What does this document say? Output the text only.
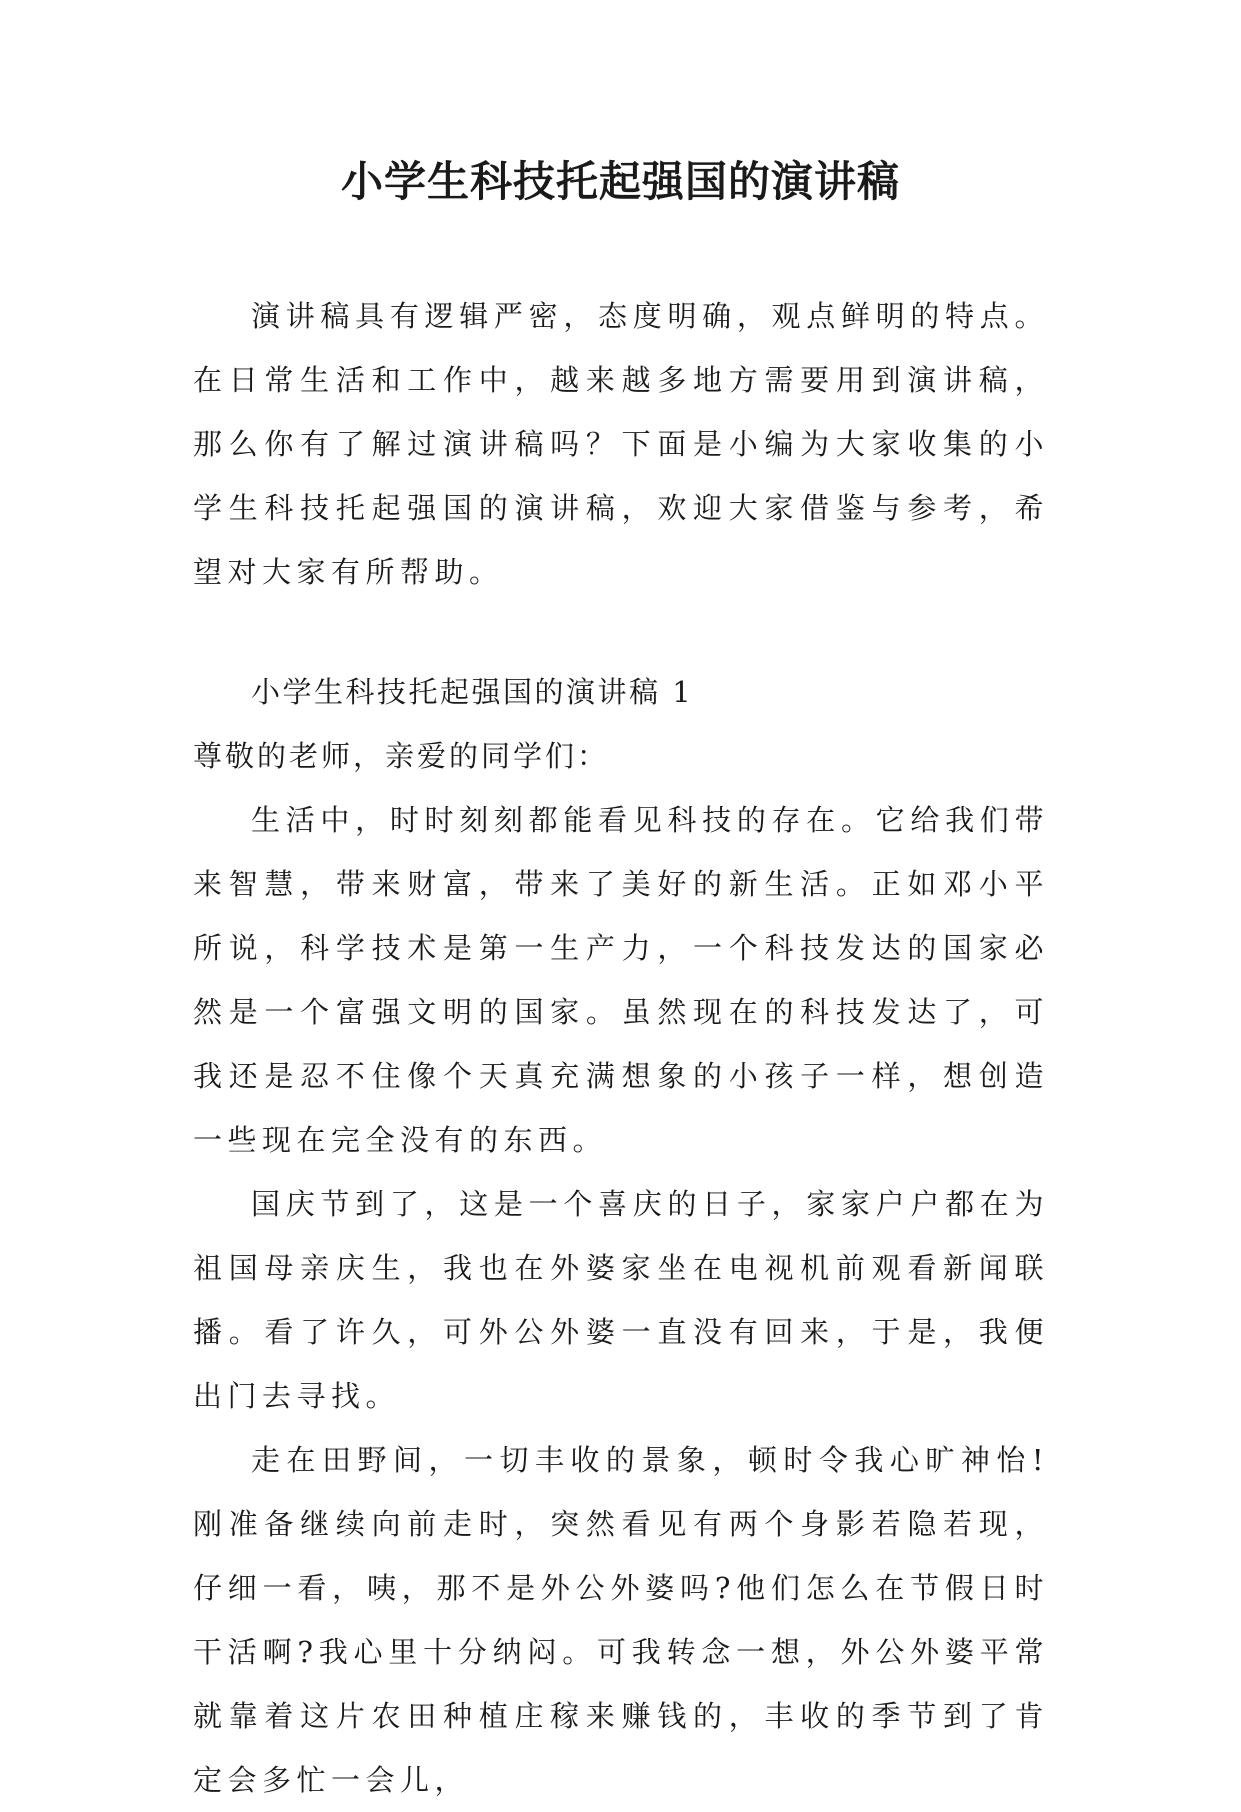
小学生科技托起强国的演讲稿

演讲稿具有逻辑严密，态度明确，观点鲜明的特点。在日常生活和工作中，越来越多地方需要用到演讲稿，那么你有了解过演讲稿吗？下面是小编为大家收集的小学生科技托起强国的演讲稿，欢迎大家借鉴与参考，希望对大家有所帮助。

小学生科技托起强国的演讲稿 1

尊敬的老师，亲爱的同学们：

生活中，时时刻刻都能看见科技的存在。它给我们带来智慧，带来财富，带来了美好的新生活。正如邓小平所说，科学技术是第一生产力，一个科技发达的国家必然是一个富强文明的国家。虽然现在的科技发达了，可我还是忍不住像个天真充满想象的小孩子一样，想创造一些现在完全没有的东西。

国庆节到了，这是一个喜庆的日子，家家户户都在为祖国母亲庆生，我也在外婆家坐在电视机前观看新闻联播。看了许久，可外公外婆一直没有回来，于是，我便出门去寻找。

走在田野间，一切丰收的景象，顿时令我心旷神怡!刚准备继续向前走时，突然看见有两个身影若隐若现，仔细一看，咦，那不是外公外婆吗?他们怎么在节假日时干活啊?我心里十分纳闷。可我转念一想，外公外婆平常就靠着这片农田种植庄稼来赚钱的，丰收的季节到了肯定会多忙一会儿，
